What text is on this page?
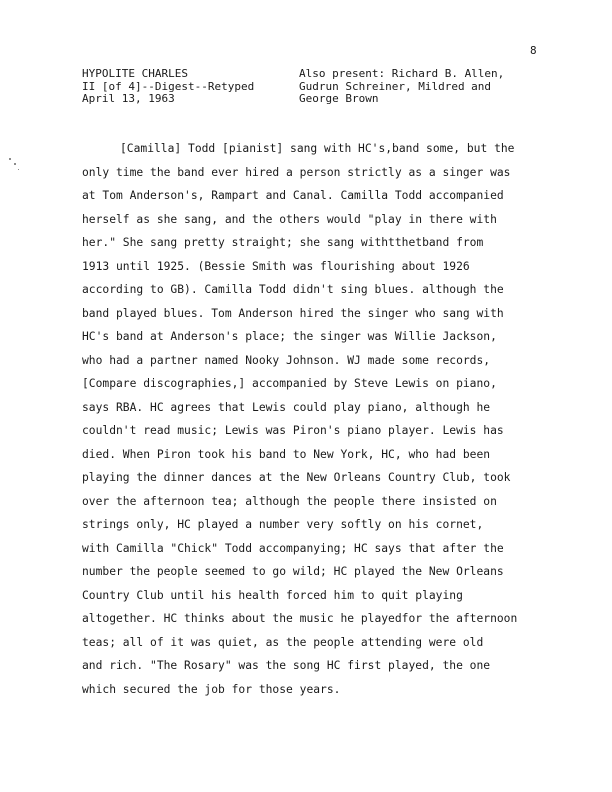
8
HYPOLITE CHARLES
II [of 4]--Digest--Retyped
April 13, 1963
Also present: Richard B. Allen,
Gudrun Schreiner, Mildred and
George Brown
[Camilla] Todd [pianist] sang with HC's,band some, but the
only time the band ever hired a person strictly as a singer was
at Tom Anderson's, Rampart and Canal. Camilla Todd accompanied
herself as she sang, and the others would "play in there with
her." She sang pretty straight; she sang withtthetband from
1913 until 1925. (Bessie Smith was flourishing about 1926
according to GB). Camilla Todd didn't sing blues. although the
band played blues. Tom Anderson hired the singer who sang with
HC's band at Anderson's place; the singer was Willie Jackson,
who had a partner named Nooky Johnson. WJ made some records,
[Compare discographies,] accompanied by Steve Lewis on piano,
says RBA. HC agrees that Lewis could play piano, although he
couldn't read music; Lewis was Piron's piano player. Lewis has
died. When Piron took his band to New York, HC, who had been
playing the dinner dances at the New Orleans Country Club, took
over the afternoon tea; although the people there insisted on
strings only, HC played a number very softly on his cornet,
with Camilla "Chick" Todd accompanying; HC says that after the
number the people seemed to go wild; HC played the New Orleans
Country Club until his health forced him to quit playing
altogether. HC thinks about the music he playedfor the afternoon
teas; all of it was quiet, as the people attending were old
and rich. "The Rosary" was the song HC first played, the one
which secured the job for those years.
